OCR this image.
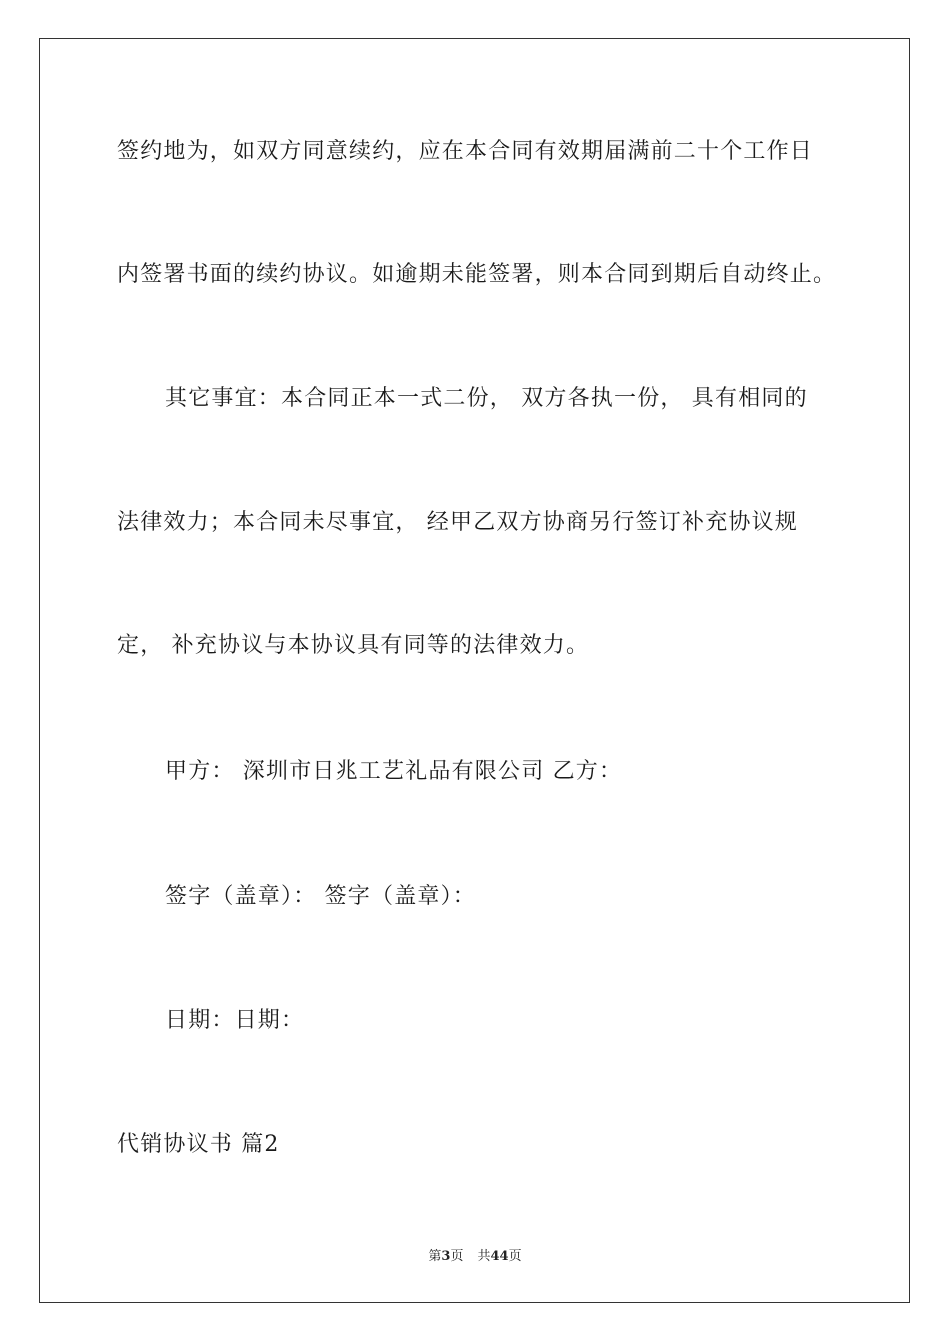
签约地为，如双方同意续约，应在本合同有效期届满前二十个工作日
内签署书面的续约协议。如逾期未能签署，则本合同到期后自动终止。
其它事宜：本合同正本一式二份， 双方各执一份， 具有相同的
法律效力；本合同未尽事宜， 经甲乙双方协商另行签订补充协议规
定， 补充协议与本协议具有同等的法律效力。
甲方： 深圳市日兆工艺礼品有限公司 乙方：
签字（盖章）： 签字（盖章）：
日期：日期：
代销协议书 篇2
第3页 共44页
